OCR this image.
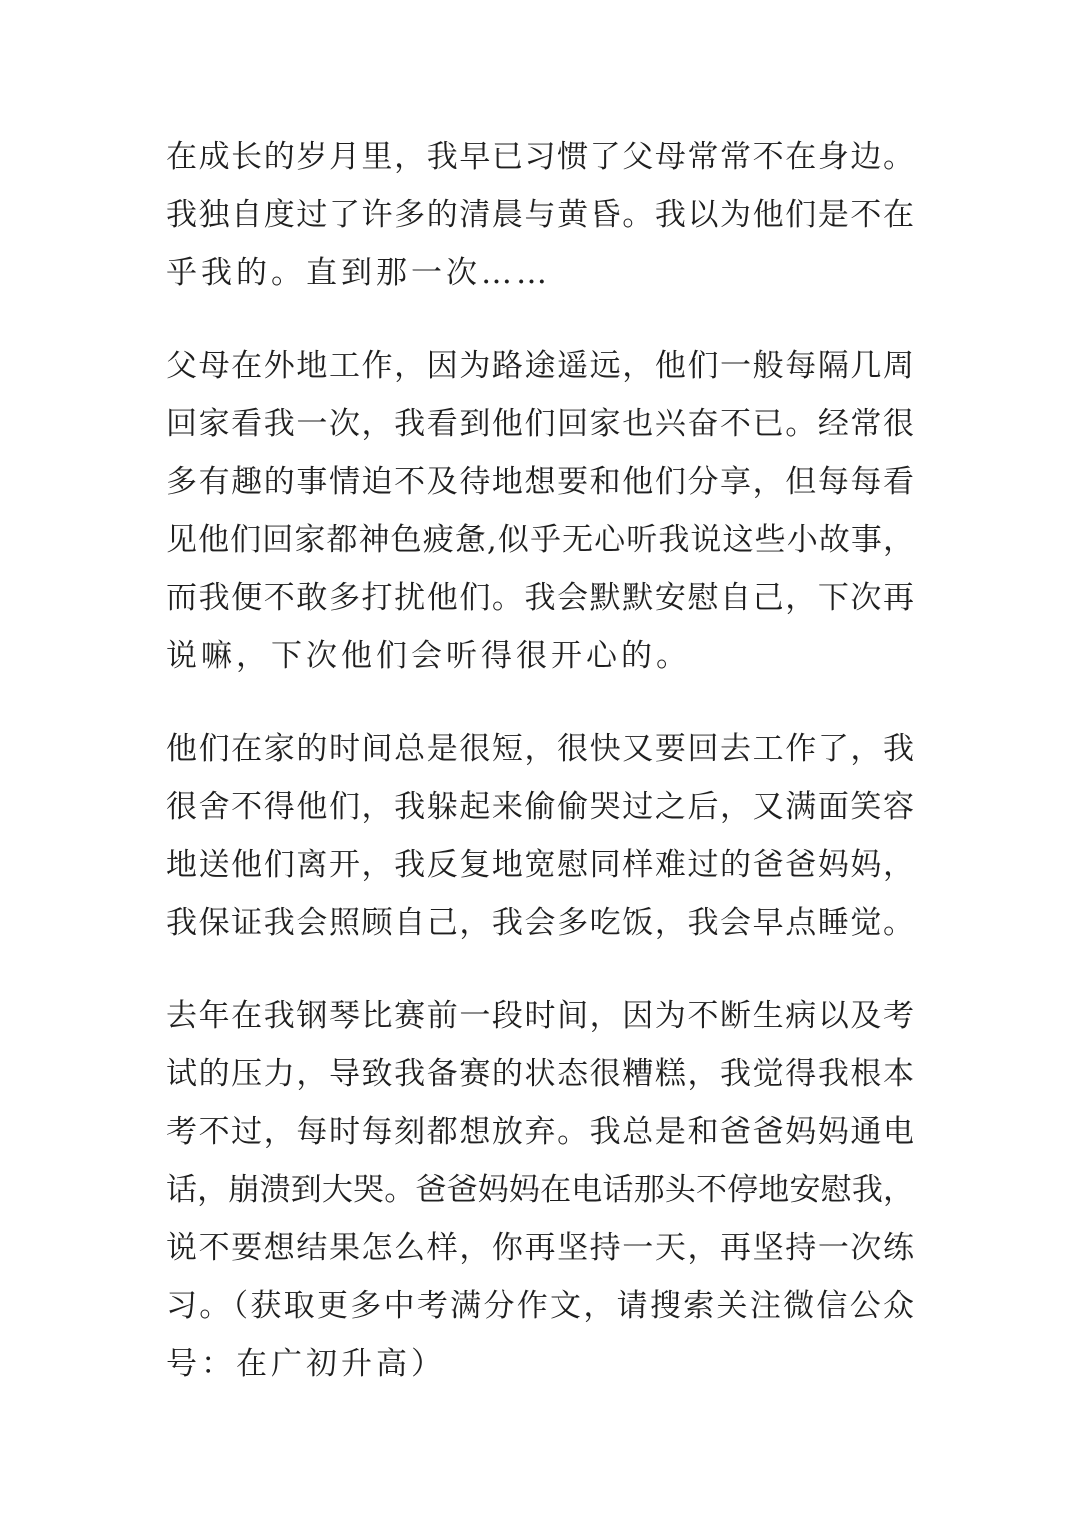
在成长的岁月里，我早已习惯了父母常常不在身边。
我独自度过了许多的清晨与黄昏。我以为他们是不在
乎我的。直到那一次……
父母在外地工作，因为路途遥远，他们一般每隔几周
回家看我一次，我看到他们回家也兴奋不已。经常很
多有趣的事情迫不及待地想要和他们分享，但每每看
见他们回家都神色疲惫,似乎无心听我说这些小故事，
而我便不敢多打扰他们。我会默默安慰自己，下次再
说嘛，下次他们会听得很开心的。
他们在家的时间总是很短，很快又要回去工作了，我
很舍不得他们，我躲起来偷偷哭过之后，又满面笑容
地送他们离开，我反复地宽慰同样难过的爸爸妈妈，
我保证我会照顾自己，我会多吃饭，我会早点睡觉。
去年在我钢琴比赛前一段时间，因为不断生病以及考
试的压力，导致我备赛的状态很糟糕，我觉得我根本
考不过，每时每刻都想放弃。我总是和爸爸妈妈通电
话，崩溃到大哭。爸爸妈妈在电话那头不停地安慰我，
说不要想结果怎么样，你再坚持一天，再坚持一次练
习。（获取更多中考满分作文，请搜索关注微信公众
号：在广初升高）
